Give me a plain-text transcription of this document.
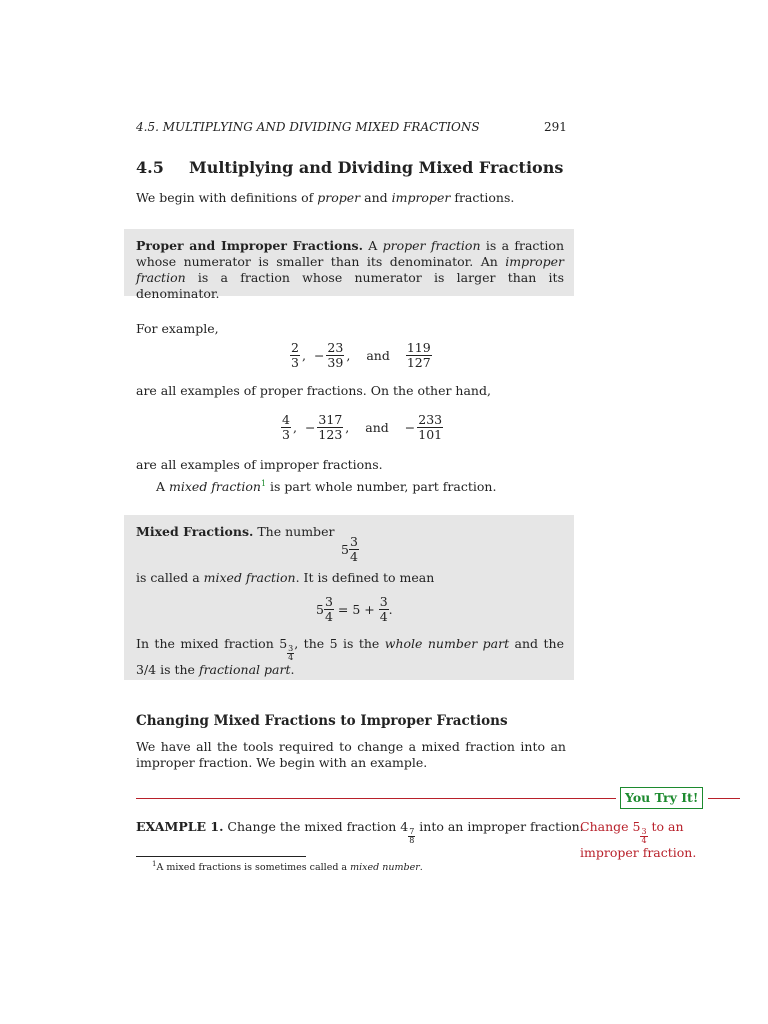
4.5. MULTIPLYING AND DIVIDING MIXED FRACTIONS	291
4.5 Multiplying and Dividing Mixed Fractions
We begin with definitions of proper and improper fractions.
Proper and Improper Fractions. A proper fraction is a fraction whose numerator is smaller than its denominator. An improper fraction is a fraction whose numerator is larger than its denominator.
For example,
$\frac{2}{3}$ , − $\frac{23}{39}$ , and $\frac{119}{127}$
are all examples of proper fractions. On the other hand,
$\frac{4}{3}$ , − $\frac{317}{123}$ , and − $\frac{233}{101}$
are all examples of improper fractions.
A mixed fraction$^1$ is part whole number, part fraction.
Mixed Fractions. The number
$5 \frac{3}{4}$
is called a mixed fraction. It is defined to mean
$5 \frac{3}{4} = 5 + \frac{3}{4}$ .
In the mixed fraction 5
$\frac{3}{4}$
, the 5 is the whole number part and the 3/4 is the fractional part.
Changing Mixed Fractions to Improper Fractions
We have all the tools required to change a mixed fraction into an improper fraction. We begin with an example.
You Try It!
EXAMPLE 1. Change the mixed fraction 4
$\frac{7}{8}$
into an improper fraction.
Change 5
$\frac{3}{4}$
to an improper fraction.
$^1$A mixed fractions is sometimes called a mixed number.
